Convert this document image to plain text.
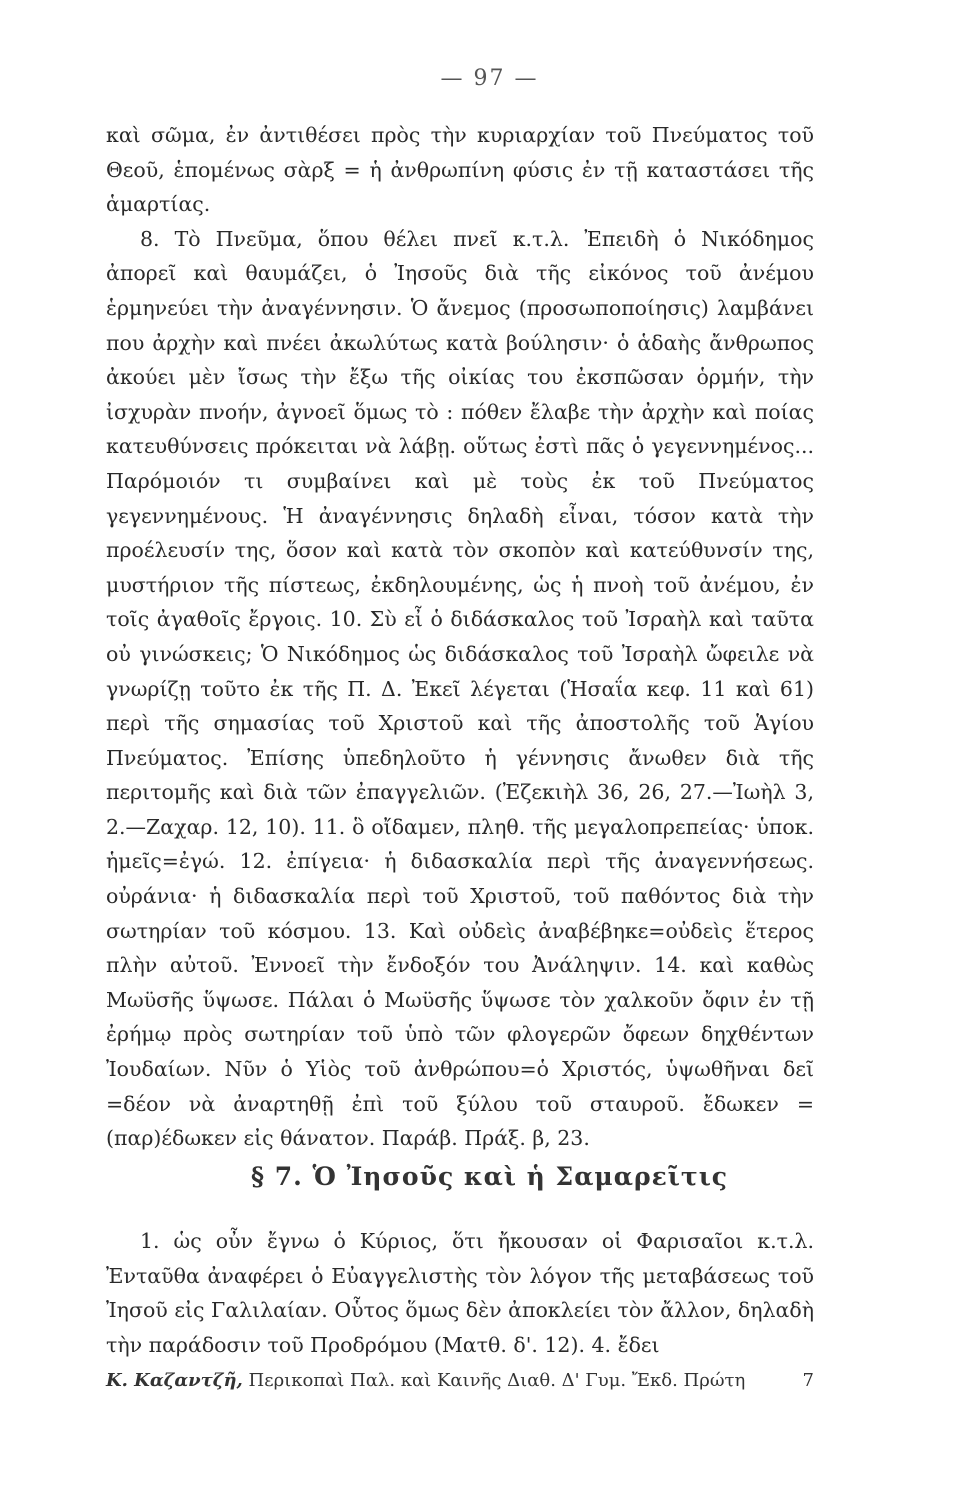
— 97 —

καὶ σῶμα, ἐν ἀντιθέσει πρὸς τὴν κυριαρχίαν τοῦ Πνεύματος τοῦ Θεοῦ, ἑπομένως σὰρξ = ἡ ἀνθρωπίνη φύσις ἐν τῇ καταστάσει τῆς ἁμαρτίας.

8. Τὸ Πνεῦμα, ὅπου θέλει πνεῖ κ.τ.λ. Ἐπειδὴ ὁ Νικόδημος ἀπορεῖ καὶ θαυμάζει, ὁ Ἰησοῦς διὰ τῆς εἰκόνος τοῦ ἀνέμου ἑρμηνεύει τὴν ἀναγέννησιν. Ὁ ἄνεμος (προσωποποίησις) λαμβάνει που ἀρχὴν καὶ πνέει ἀκωλύτως κατὰ βούλησιν· ὁ ἁδαὴς ἄνθρωπος ἀκούει μὲν ἴσως τὴν ἔξω τῆς οἰκίας του ἐκσπῶσαν ὁρμήν, τὴν ἰσχυρὰν πνοήν, ἀγνοεῖ ὅμως τὸ : πόθεν ἔλαβε τὴν ἀρχὴν καὶ ποίας κατευθύνσεις πρόκειται νὰ λάβῃ. οὕτως ἐστὶ πᾶς ὁ γεγεννημένος... Παρόμοιόν τι συμβαίνει καὶ μὲ τοὺς ἐκ τοῦ Πνεύματος γεγεννημένους. Ἡ ἀναγέννησις δηλαδὴ εἶναι, τόσον κατὰ τὴν προέλευσίν της, ὅσον καὶ κατὰ τὸν σκοπὸν καὶ κατεύθυνσίν της, μυστήριον τῆς πίστεως, ἐκδηλουμένης, ὡς ἡ πνοὴ τοῦ ἀνέμου, ἐν τοῖς ἀγαθοῖς ἔργοις. 10. Σὺ εἶ ὁ διδάσκαλος τοῦ Ἰσραὴλ καὶ ταῦτα οὐ γινώσκεις; Ὁ Νικόδημος ὡς διδάσκαλος τοῦ Ἰσραὴλ ὤφειλε νὰ γνωρίζῃ τοῦτο ἐκ τῆς Π. Δ. Ἐκεῖ λέγεται (Ἡσαΐα κεφ. 11 καὶ 61) περὶ τῆς σημασίας τοῦ Χριστοῦ καὶ τῆς ἀποστολῆς τοῦ Ἁγίου Πνεύματος. Ἐπίσης ὑπεδηλοῦτο ἡ γέννησις ἄνωθεν διὰ τῆς περιτομῆς καὶ διὰ τῶν ἐπαγγελιῶν. (Ἐζεκιὴλ 36, 26, 27.—Ἰωὴλ 3, 2.—Ζαχαρ. 12, 10). 11. ὃ οἴδαμεν, πληθ. τῆς μεγαλοπρεπείας· ὑποκ. ἡμεῖς=ἐγώ. 12. ἐπίγεια· ἡ διδασκαλία περὶ τῆς ἀναγεννήσεως. οὐράνια· ἡ διδασκαλία περὶ τοῦ Χριστοῦ, τοῦ παθόντος διὰ τὴν σωτηρίαν τοῦ κόσμου. 13. Καὶ οὐδεὶς ἀναβέβηκε=οὐδεὶς ἕτερος πλὴν αὐτοῦ. Ἐννοεῖ τὴν ἔνδοξόν του Ἀνάληψιν. 14. καὶ καθὼς Μωϋσῆς ὕψωσε. Πάλαι ὁ Μωϋσῆς ὕψωσε τὸν χαλκοῦν ὄφιν ἐν τῇ ἐρήμῳ πρὸς σωτηρίαν τοῦ ὑπὸ τῶν φλογερῶν ὄφεων δηχθέντων Ἰουδαίων. Νῦν ὁ Υἱὸς τοῦ ἀνθρώπου=ὁ Χριστός, ὑψωθῆναι δεῖ =δέον νὰ ἀναρτηθῇ ἐπὶ τοῦ ξύλου τοῦ σταυροῦ. ἔδωκεν = (παρ)έδωκεν εἰς θάνατον. Παράβ. Πράξ. β, 23.

§ 7. Ὁ Ἰησοῦς καὶ ἡ Σαμαρεῖτις
1. ὡς οὖν ἔγνω ὁ Κύριος, ὅτι ἤκουσαν οἱ Φαρισαῖοι κ.τ.λ. Ἐνταῦθα ἀναφέρει ὁ Εὐαγγελιστὴς τὸν λόγον τῆς μεταβάσεως τοῦ Ἰησοῦ εἰς Γαλιλαίαν. Οὗτος ὅμως δὲν ἀποκλείει τὸν ἄλλον, δηλαδὴ τὴν παράδοσιν τοῦ Προδρόμου (Ματθ. δ'. 12). 4. ἔδει
Κ. Καζαντζῆ, Περικοπαὶ Παλ. καὶ Καινῆς Διαθ. Δ' Γυμ. Ἔκδ. Πρώτη	7
